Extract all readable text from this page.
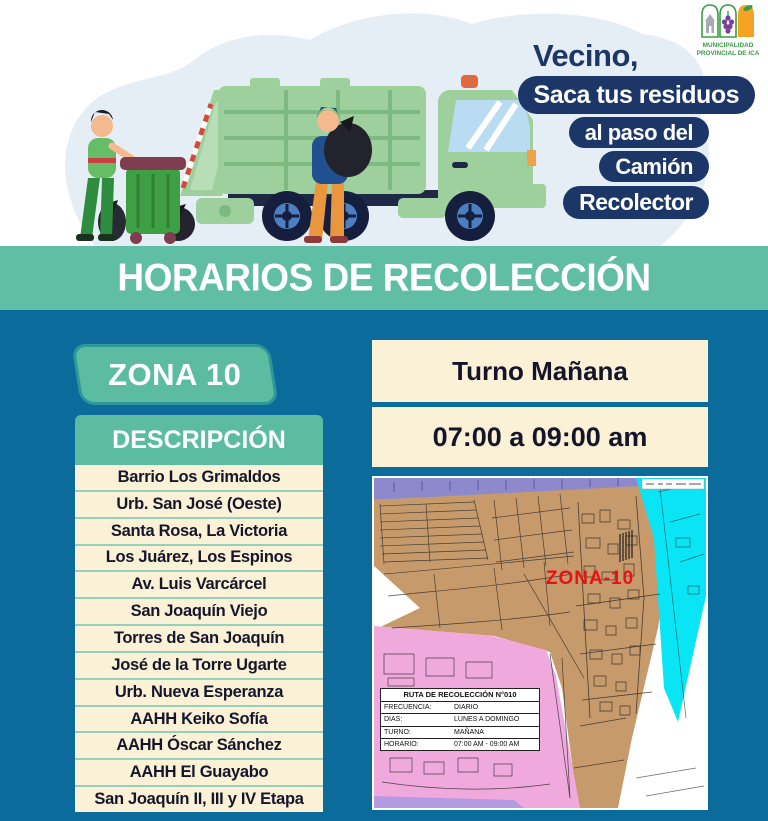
MUNICIPALIDAD
PROVINCIAL DE ICA
Vecino,
Saca tus residuos
al paso del
Camión
Recolector
HORARIOS DE RECOLECCIÓN
ZONA 10
DESCRIPCIÓN
Barrio Los Grimaldos
Urb. San José (Oeste)
Santa Rosa, La Victoria
Los Juárez, Los Espinos
Av. Luis Varcárcel
San Joaquín Viejo
Torres de San Joaquín
José de la Torre Ugarte
Urb. Nueva Esperanza
AAHH Keiko Sofía
AAHH Óscar Sánchez
AAHH El Guayabo
San Joaquín II, III y IV Etapa
Turno Mañana
07:00 a 09:00 am
ZONA-10
RUTA DE RECOLECCIÓN N°010
FRECUENCIA:	DIARIO
DIAS:	LUNES A DOMINGO
TURNO:	MAÑANA
HORARIO:	07:00 AM - 09:00 AM
